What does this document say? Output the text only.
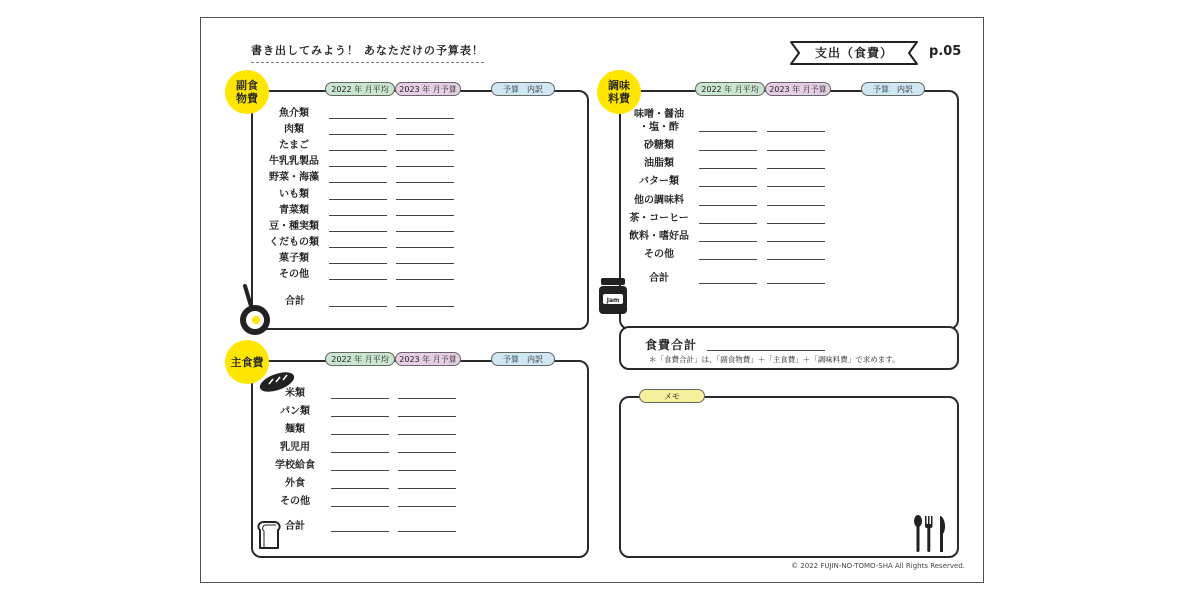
書き出してみよう！ あなただけの予算表！	支出（食費）	p.05
副食
物費
2022 年 月平均	2023 年 月予算	予算　内訳
魚介類
肉類
たまご
牛乳乳製品
野菜・海藻
いも類
青菜類
豆・種実類
くだもの類
菓子類
その他
合計
主食費	2022 年 月平均	2023 年 月予算	予算　内訳
米類
パン類
麺類
乳児用
学校給食
外食
その他
合計
調味
料費
2022 年 月平均	2023 年 月予算	予算　内訳
味噌・醤油
・塩・酢
砂糖類
油脂類
バター類
他の調味料
茶・コーヒー
飲料・嗜好品
その他
合計
Jam
食費合計
＊「食費合計」は、「副食物費」＋「主食費」＋「調味料費」で求めます。
メモ
© 2022 FUJIN-NO-TOMO-SHA All Rights Reserved.
